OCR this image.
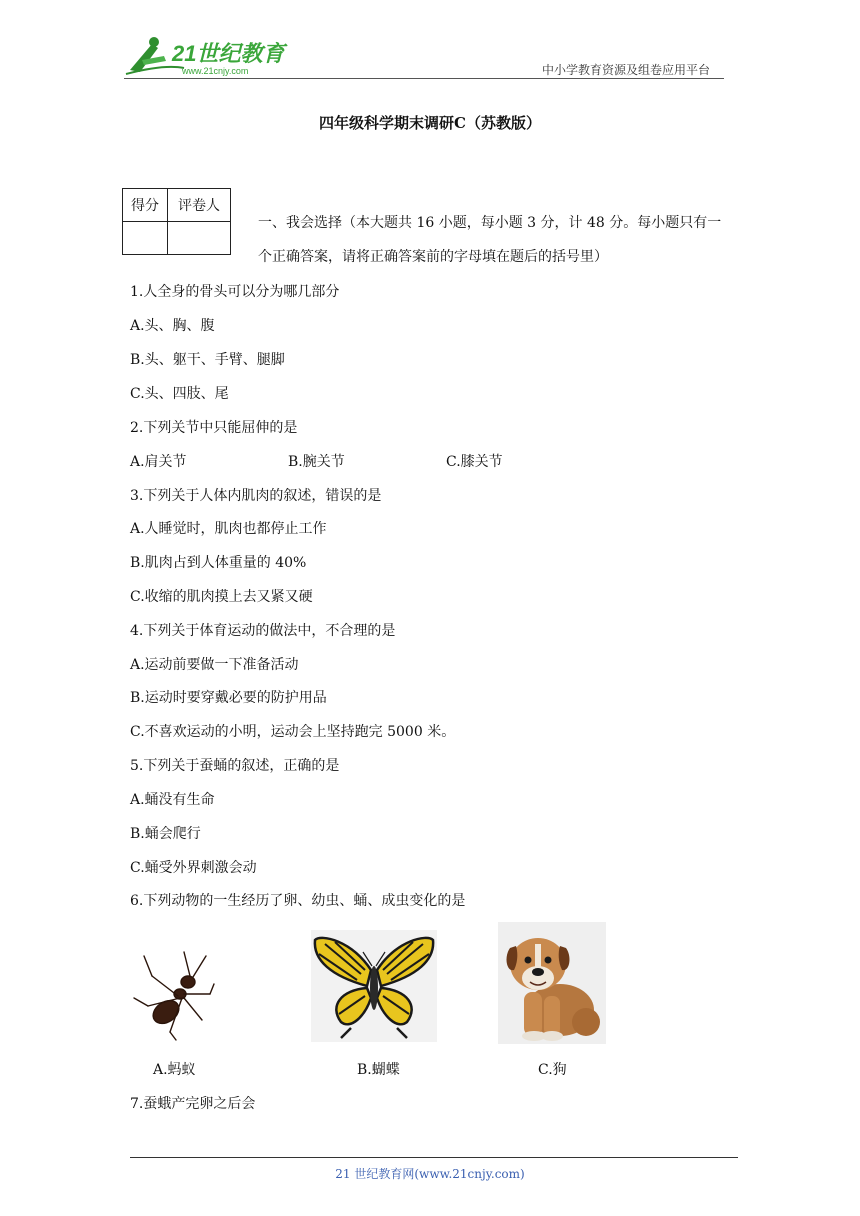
21世纪教育
www.21cnjy.com	中小学教育资源及组卷应用平台
四年级科学期末调研C（苏教版）
得分	评卷人

一、我会选择（本大题共 16 小题，每小题 3 分，计 48 分。每小题只有一
个正确答案，请将正确答案前的字母填在题后的括号里）
1.人全身的骨头可以分为哪几部分
A.头、胸、腹
B.头、躯干、手臂、腿脚
C.头、四肢、尾
2.下列关节中只能屈伸的是
A.肩关节	B.腕关节	C.膝关节
3.下列关于人体内肌肉的叙述，错误的是
A.人睡觉时，肌肉也都停止工作
B.肌肉占到人体重量的 40%
C.收缩的肌肉摸上去又紧又硬
4.下列关于体育运动的做法中，不合理的是
A.运动前要做一下准备活动
B.运动时要穿戴必要的防护用品
C.不喜欢运动的小明，运动会上坚持跑完 5000 米。
5.下列关于蚕蛹的叙述，正确的是
A.蛹没有生命
B.蛹会爬行
C.蛹受外界刺激会动
6.下列动物的一生经历了卵、幼虫、蛹、成虫变化的是
A.蚂蚁	B.蝴蝶	C.狗
7.蚕蛾产完卵之后会
21 世纪教育网(www.21cnjy.com)
